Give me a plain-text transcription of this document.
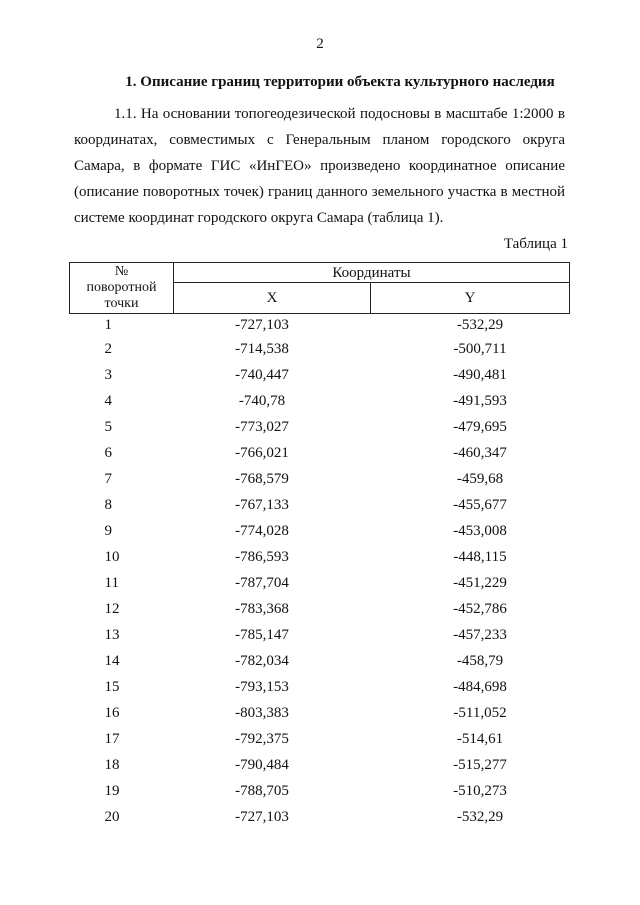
2
1. Описание границ территории объекта культурного наследия
1.1. На основании топогеодезической подосновы в масштабе 1:2000 в координатах, совместимых с Генеральным планом городского округа Самара, в формате ГИС «ИнГЕО» произведено координатное описание (описание поворотных точек) границ данного земельного участка в местной системе координат городского округа Самара (таблица 1).
Таблица 1
№
поворотной
точки	Координаты	
	X	Y
1	-727,103	-532,29
2	-714,538	-500,711
3	-740,447	-490,481
4	-740,78	-491,593
5	-773,027	-479,695
6	-766,021	-460,347
7	-768,579	-459,68
8	-767,133	-455,677
9	-774,028	-453,008
10	-786,593	-448,115
11	-787,704	-451,229
12	-783,368	-452,786
13	-785,147	-457,233
14	-782,034	-458,79
15	-793,153	-484,698
16	-803,383	-511,052
17	-792,375	-514,61
18	-790,484	-515,277
19	-788,705	-510,273
20	-727,103	-532,29
